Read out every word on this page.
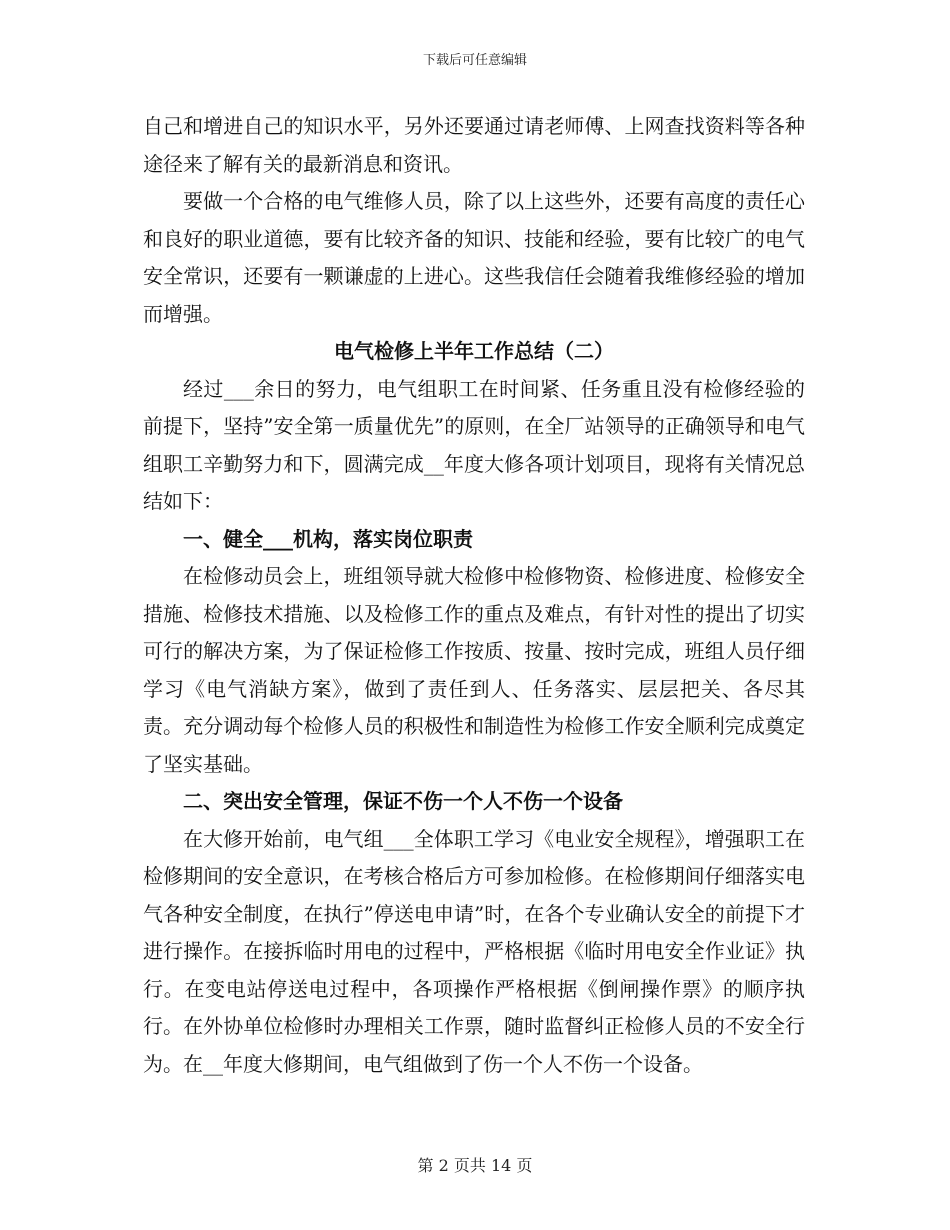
下载后可任意编辑

自己和增进自己的知识水平，另外还要通过请老师傅、上网查找资料等各种途径来了解有关的最新消息和资讯。

要做一个合格的电气维修人员，除了以上这些外，还要有高度的责任心和良好的职业道德，要有比较齐备的知识、技能和经验，要有比较广的电气安全常识，还要有一颗谦虚的上进心。这些我信任会随着我维修经验的增加而增强。

电气检修上半年工作总结（二）

经过___余日的努力，电气组职工在时间紧、任务重且没有检修经验的前提下，坚持”安全第一质量优先”的原则，在全厂站领导的正确领导和电气组职工辛勤努力和下，圆满完成__年度大修各项计划项目，现将有关情况总结如下：

一、健全___机构，落实岗位职责

在检修动员会上，班组领导就大检修中检修物资、检修进度、检修安全措施、检修技术措施、以及检修工作的重点及难点，有针对性的提出了切实可行的解决方案，为了保证检修工作按质、按量、按时完成，班组人员仔细学习《电气消缺方案》，做到了责任到人、任务落实、层层把关、各尽其责。充分调动每个检修人员的积极性和制造性为检修工作安全顺利完成奠定了坚实基础。

二、突出安全管理，保证不伤一个人不伤一个设备

在大修开始前，电气组___全体职工学习《电业安全规程》，增强职工在检修期间的安全意识，在考核合格后方可参加检修。在检修期间仔细落实电气各种安全制度，在执行”停送电申请”时，在各个专业确认安全的前提下才进行操作。在接拆临时用电的过程中，严格根据《临时用电安全作业证》执行。在变电站停送电过程中，各项操作严格根据《倒闸操作票》的顺序执行。在外协单位检修时办理相关工作票，随时监督纠正检修人员的不安全行为。在__年度大修期间，电气组做到了伤一个人不伤一个设备。

第 2 页共 14 页
